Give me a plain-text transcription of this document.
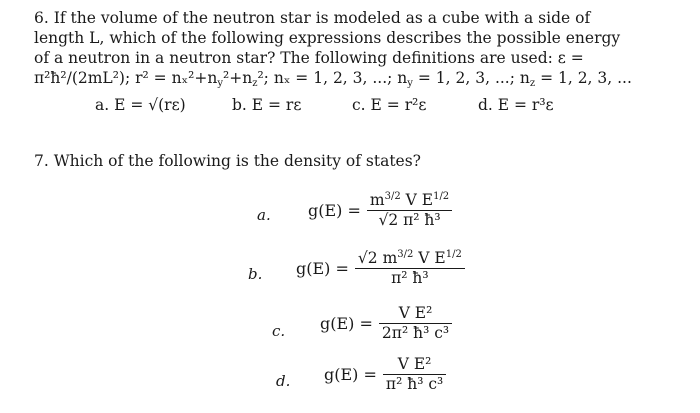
6. If the volume of the neutron star is modeled as a cube with a side of
length L, which of the following expressions describes the possible energy
of a neutron in a neutron star? The following definitions are used: ε =
π²ħ²/(2mL²); $r^2 = n_x^2+n_y^2+n_z^2$; nₓ = 1, 2, 3, ...; $n_y = 1$, 2, 3, ...; $n_z = 1$, 2, 3, ...
a. E = √(rε)	b. E = rε	c. E = r²ε	d. E = r³ε
7. Which of the following is the density of states?
a. $g(E) = \frac{m^{3/2} V E^{1/2}}{\text{√2 π² ħ³}}$
b. $g(E) = \frac{√2 m^{3/2} V E^{1/2}}{\text{π² ħ³}}$
c. $g(E) = \frac{\text{V E²}}{\text{2π² ħ³ c³}}$
d. $g(E) = \frac{\text{V E²}}{\text{π² ħ³ c³}}$
